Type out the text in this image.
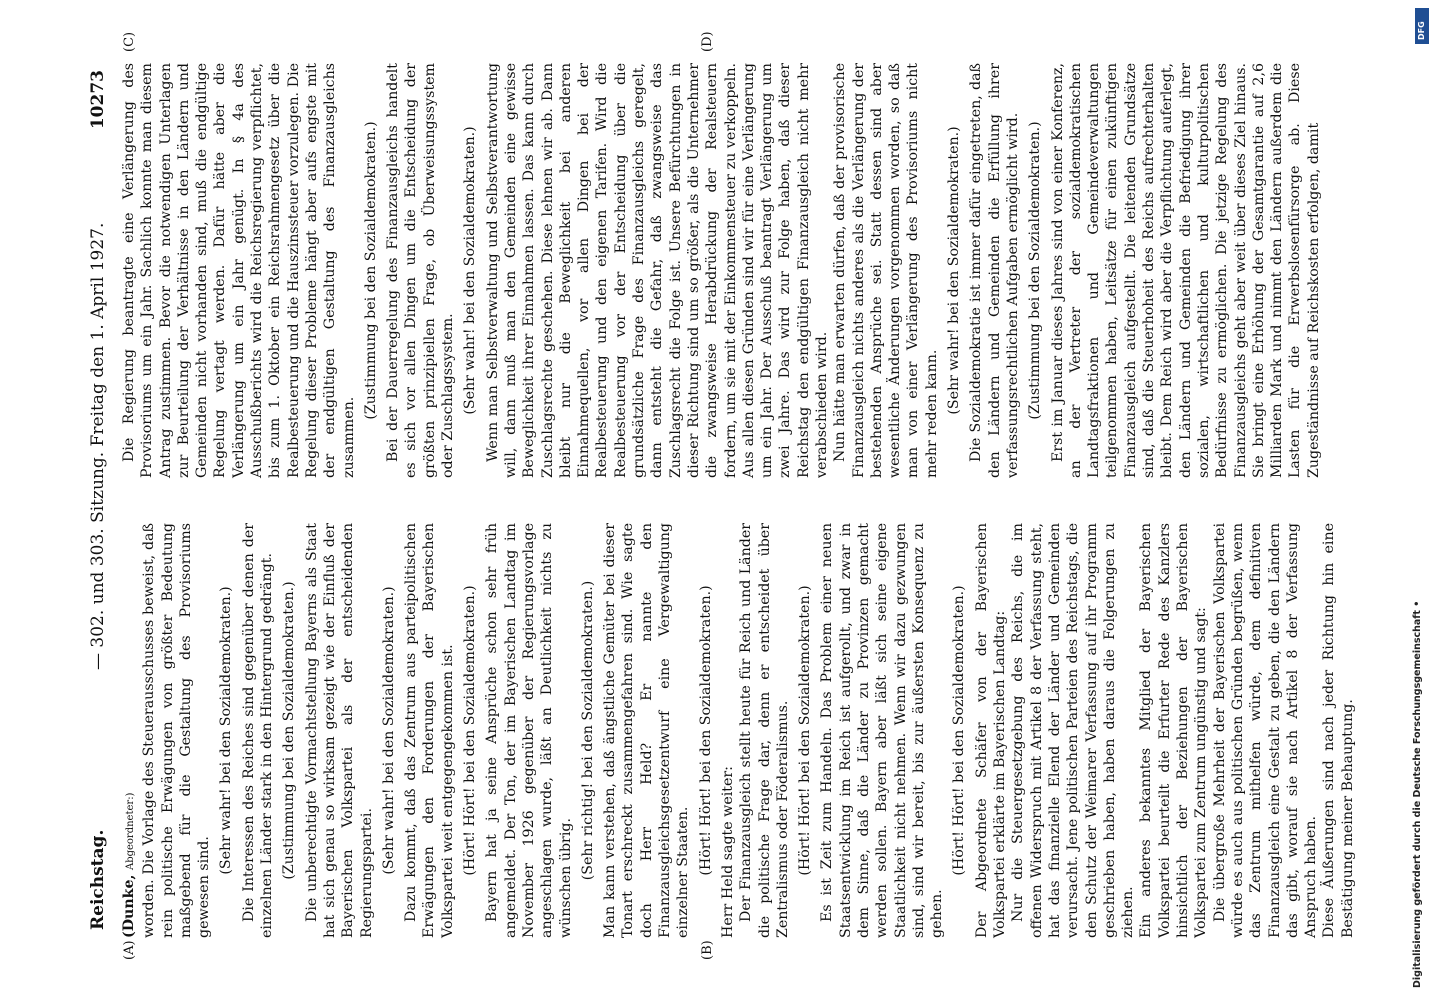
Reichstag.
— 302. und 303. Sitzung. Freitag den 1. April 1927.
10273
(A)	(B)
(C)	(D)

(Dunke, Abgeordneter:) worden. Die Vorlage des Steuerausschusses beweist, daß rein politische Erwägungen von größter Bedeutung maßgebend für die Gestaltung des Provisoriums gewesen sind.

(Sehr wahr! bei den Sozialdemokraten.) Die Interessen des Reiches sind gegenüber denen der einzelnen Länder stark in den Hintergrund gedrängt. (Zustimmung bei den Sozialdemokraten.) Die unberechtigte Vormachtstellung Bayerns als Staat hat sich genau so wirksam gezeigt wie der Einfluß der Bayerischen Volkspartei als der entscheidenden Regierungspartei. (Sehr wahr! bei den Sozialdemokraten.) Dazu kommt, daß das Zentrum aus parteipolitischen Erwägungen den Forderungen der Bayerischen Volkspartei weit entgegengekommen ist. (Hört! Hört! bei den Sozialdemokraten.) Bayern hat ja seine Ansprüche schon sehr früh angemeldet. Der Ton, der im Bayerischen Landtag im November 1926 gegenüber der Regierungsvorlage angeschlagen wurde, läßt an Deutlichkeit nichts zu wünschen übrig. (Sehr richtig! bei den Sozialdemokraten.) Man kann verstehen, daß ängstliche Gemüter bei dieser Tonart erschreckt zusammengefahren sind. Wie sagte doch Herr Held? Er nannte den Finanzausgleichsgesetzentwurf eine Vergewaltigung einzelner Staaten. (Hört! Hört! bei den Sozialdemokraten.) Herr Held sagte weiter: Der Finanzausgleich stellt heute für Reich und Länder die politische Frage dar, denn er entscheidet über Zentralismus oder Föderalismus. (Hört! Hört! bei den Sozialdemokraten.) Es ist Zeit zum Handeln. Das Problem einer neuen Staatsentwicklung im Reich ist aufgerollt, und zwar in dem Sinne, daß die Länder zu Provinzen gemacht werden sollen. Bayern aber läßt sich seine eigene Staatlichkeit nicht nehmen. Wenn wir dazu gezwungen sind, sind wir bereit, bis zur äußersten Konsequenz zu gehen.

(Hört! Hört! bei den Sozialdemokraten.) Der Abgeordnete Schäfer von der Bayerischen Volkspartei erklärte im Bayerischen Landtag: Nur die Steuergesetzgebung des Reichs, die im offenen Widerspruch mit Artikel 8 der Verfassung steht, hat das finanzielle Elend der Länder und Gemeinden verursacht. Jene politischen Parteien des Reichstags, die den Schutz der Weimarer Verfassung auf ihr Programm geschrieben haben, haben daraus die Folgerungen zu ziehen. Ein anderes bekanntes Mitglied der Bayerischen Volkspartei beurteilt die Erfurter Rede des Kanzlers hinsichtlich der Beziehungen der Bayerischen Volkspartei zum Zentrum ungünstig und sagt: Die übergroße Mehrheit der Bayerischen Volkspartei würde es auch aus politischen Gründen begrüßen, wenn das Zentrum mithelfen würde, dem definitiven Finanzausgleich eine Gestalt zu geben, die den Ländern das gibt, worauf sie nach Artikel 8 der Verfassung Anspruch haben. Diese Äußerungen sind nach jeder Richtung hin eine Bestätigung meiner Behauptung.

Die Regierung beantragte eine Verlängerung des Provisoriums um ein Jahr. Sachlich konnte man diesem Antrag zustimmen. Bevor die notwendigen Unterlagen zur Beurteilung der Verhältnisse in den Ländern und Gemeinden nicht vorhanden sind, muß die endgültige Regelung vertagt werden. Dafür hätte aber die Verlängerung um ein Jahr genügt. In § 4a des Ausschußberichts wird die Reichsregierung verpflichtet, bis zum 1. Oktober ein Reichsrahmengesetz über die Realbesteuerung und die Hauszinssteuer vorzulegen. Die Regelung dieser Probleme hängt aber aufs engste mit der endgültigen Gestaltung des Finanzausgleichs zusammen.

(Zustimmung bei den Sozialdemokraten.) Bei der Dauerregelung des Finanzausgleichs handelt es sich vor allen Dingen um die Entscheidung der größten prinzipiellen Frage, ob Überweisungssystem oder Zuschlagssystem. (Sehr wahr! bei den Sozialdemokraten.) Wenn man Selbstverwaltung und Selbstverantwortung will, dann muß man den Gemeinden eine gewisse Beweglichkeit ihrer Einnahmen lassen. Das kann durch Zuschlagsrechte geschehen. Diese lehnen wir ab. Dann bleibt nur die Beweglichkeit bei anderen Einnahmequellen, vor allen Dingen bei der Realbesteuerung und den eigenen Tarifen. Wird die Realbesteuerung vor der Entscheidung über die grundsätzliche Frage des Finanzausgleichs geregelt, dann entsteht die Gefahr, daß zwangsweise das Zuschlagsrecht die Folge ist. Unsere Befürchtungen in dieser Richtung sind um so größer, als die Unternehmer die zwangsweise Herabdrückung der Realsteuern fordern, um sie mit der Einkommensteuer zu verkoppeln. Aus allen diesen Gründen sind wir für eine Verlängerung um ein Jahr. Der Ausschuß beantragt Verlängerung um zwei Jahre. Das wird zur Folge haben, daß dieser Reichstag den endgültigen Finanzausgleich nicht mehr verabschieden wird. Nun hätte man erwarten dürfen, daß der provisorische Finanzausgleich nichts anderes als die Verlängerung der bestehenden Ansprüche sei. Statt dessen sind aber wesentliche Änderungen vorgenommen worden, so daß man von einer Verlängerung des Provisoriums nicht mehr reden kann. (Sehr wahr! bei den Sozialdemokraten.) Die Sozialdemokratie ist immer dafür eingetreten, daß den Ländern und Gemeinden die Erfüllung ihrer verfassungsrechtlichen Aufgaben ermöglicht wird. (Zustimmung bei den Sozialdemokraten.) Erst im Januar dieses Jahres sind von einer Konferenz, an der Vertreter der sozialdemokratischen Landtagsfraktionen und Gemeindeverwaltungen teilgenommen haben, Leitsätze für einen zukünftigen Finanzausgleich aufgestellt. Die leitenden Grundsätze sind, daß die Steuerhoheit des Reichs aufrechterhalten bleibt. Dem Reich wird aber die Verpflichtung auferlegt, den Ländern und Gemeinden die Befriedigung ihrer sozialen, wirtschaftlichen und kulturpolitischen Bedürfnisse zu ermöglichen. Die jetzige Regelung des Finanzausgleichs geht aber weit über dieses Ziel hinaus. Sie bringt eine Erhöhung der Gesamtgarantie auf 2,6 Milliarden Mark und nimmt den Ländern außerdem die Lasten für die Erwerbslosenfürsorge ab. Diese Zugeständnisse auf Reichskosten erfolgen, damit

DFG
Digitalisierung gefördert durch die Deutsche Forschungsgemeinschaft •
